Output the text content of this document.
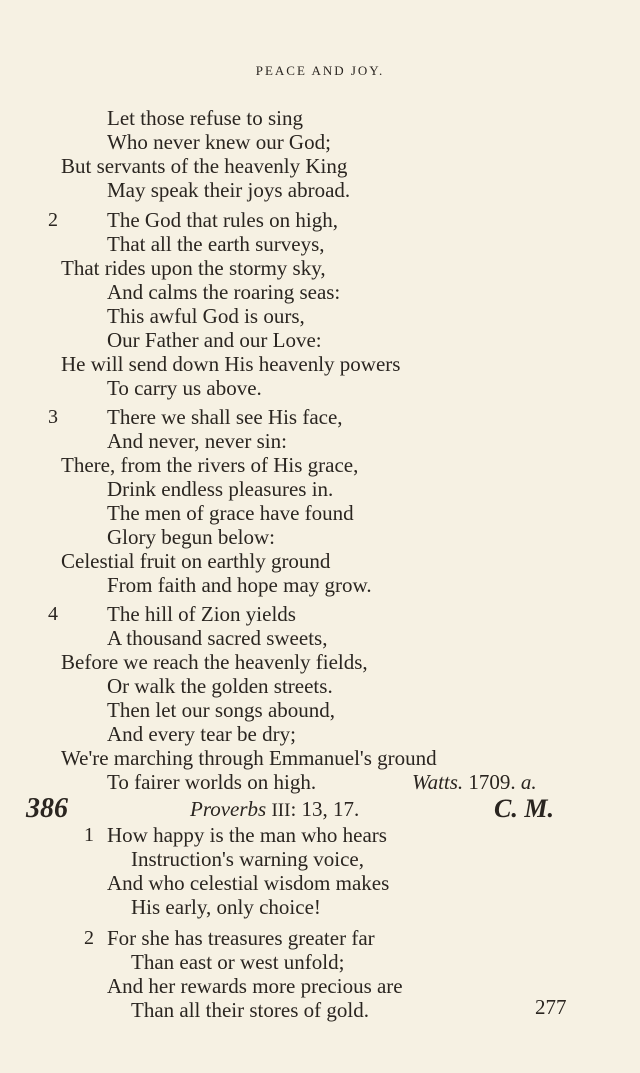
PEACE AND JOY.
Let those refuse to sing
Who never knew our God;
But servants of the heavenly King
May speak their joys abroad.
2 The God that rules on high,
That all the earth surveys,
That rides upon the stormy sky,
And calms the roaring seas:
This awful God is ours,
Our Father and our Love:
He will send down His heavenly powers
To carry us above.
3 There we shall see His face,
And never, never sin:
There, from the rivers of His grace,
Drink endless pleasures in.
The men of grace have found
Glory begun below:
Celestial fruit on earthly ground
From faith and hope may grow.
4 The hill of Zion yields
A thousand sacred sweets,
Before we reach the heavenly fields,
Or walk the golden streets.
Then let our songs abound,
And every tear be dry;
We're marching through Emmanuel's ground
To fairer worlds on high.	Watts. 1709. a.
386	Proverbs III: 13, 17.	C. M.
1 How happy is the man who hears
Instruction's warning voice,
And who celestial wisdom makes
His early, only choice!
2 For she has treasures greater far
Than east or west unfold;
And her rewards more precious are
Than all their stores of gold.	277
